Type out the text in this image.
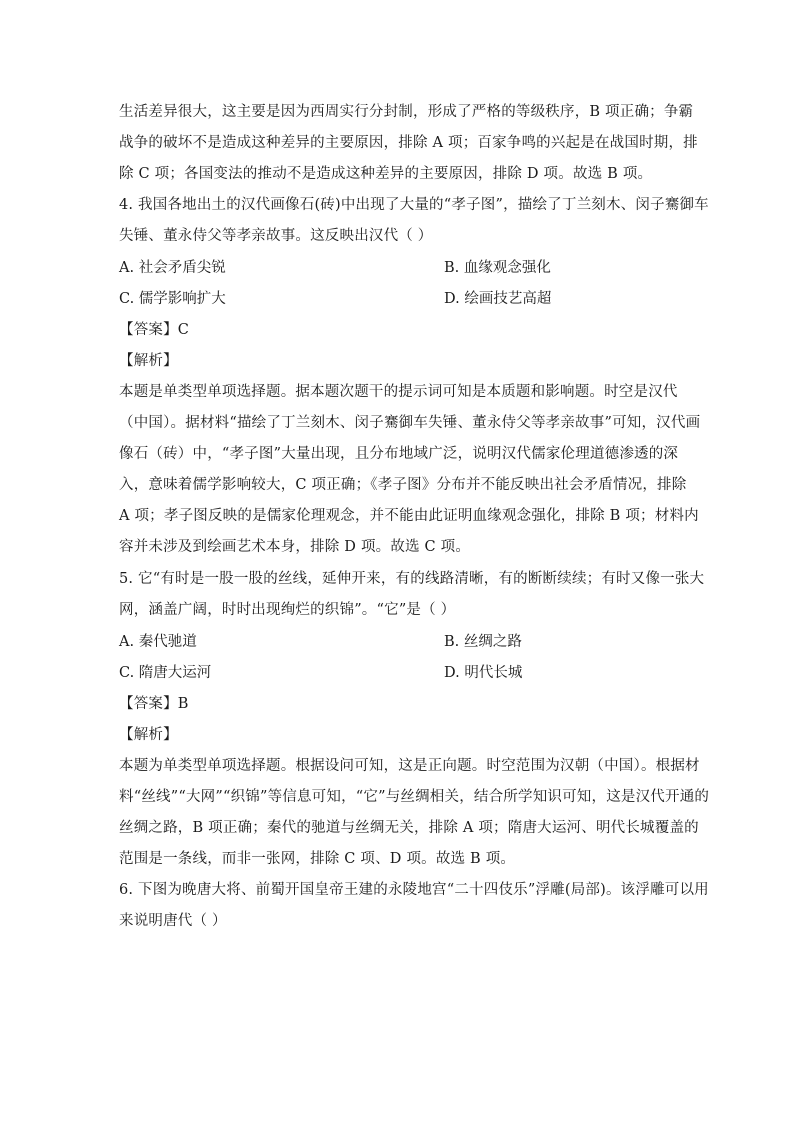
生活差异很大，这主要是因为西周实行分封制，形成了严格的等级秩序，B 项正确；争霸
战争的破坏不是造成这种差异的主要原因，排除 A 项；百家争鸣的兴起是在战国时期，排
除 C 项；各国变法的推动不是造成这种差异的主要原因，排除 D 项。故选 B 项。
4. 我国各地出土的汉代画像石(砖)中出现了大量的“孝子图”，描绘了丁兰刻木、闵子騫御车
失锤、董永侍父等孝亲故事。这反映出汉代（ ）
A. 社会矛盾尖锐	B. 血缘观念强化
C. 儒学影响扩大	D. 绘画技艺高超
【答案】C
【解析】
本题是单类型单项选择题。据本题次题干的提示词可知是本质题和影响题。时空是汉代
（中国）。据材料“描绘了丁兰刻木、闵子騫御车失锤、董永侍父等孝亲故事”可知，汉代画
像石（砖）中，“孝子图”大量出现，且分布地域广泛，说明汉代儒家伦理道德渗透的深
入，意味着儒学影响较大，C 项正确；《孝子图》分布并不能反映出社会矛盾情况，排除
A 项；孝子图反映的是儒家伦理观念，并不能由此证明血缘观念强化，排除 B 项；材料内
容并未涉及到绘画艺术本身，排除 D 项。故选 C 项。
5. 它“有时是一股一股的丝线，延伸开来，有的线路清晰，有的断断续续；有时又像一张大
网，涵盖广阔，时时出现绚烂的织锦”。“它”是（ ）
A. 秦代驰道	B. 丝绸之路
C. 隋唐大运河	D. 明代长城
【答案】B
【解析】
本题为单类型单项选择题。根据设问可知，这是正向题。时空范围为汉朝（中国）。根据材
料“丝线”“大网”“织锦”等信息可知，“它”与丝绸相关，结合所学知识可知，这是汉代开通的
丝绸之路，B 项正确；秦代的驰道与丝绸无关，排除 A 项；隋唐大运河、明代长城覆盖的
范围是一条线，而非一张网，排除 C 项、D 项。故选 B 项。
6. 下图为晚唐大将、前蜀开国皇帝王建的永陵地宫“二十四伎乐”浮雕(局部)。该浮雕可以用
来说明唐代（ ）
